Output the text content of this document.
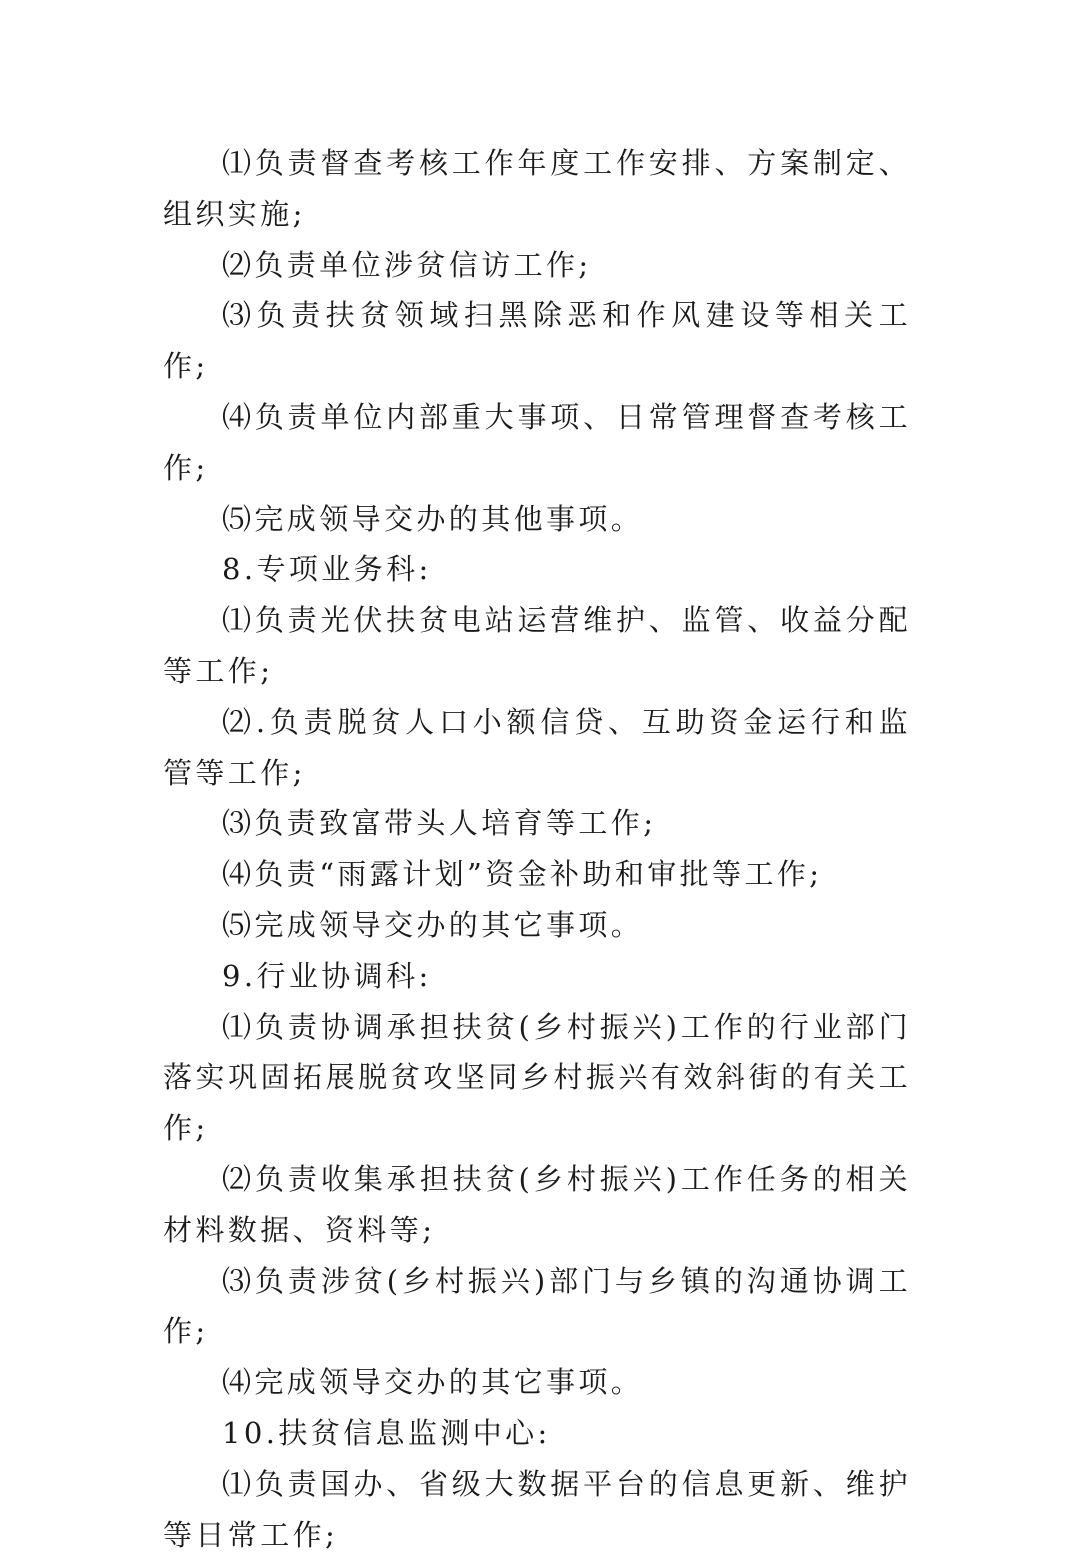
⑴负责督查考核工作年度工作安排、方案制定、组织实施;

⑵负责单位涉贫信访工作;

⑶负责扶贫领域扫黑除恶和作风建设等相关工作;

⑷负责单位内部重大事项、日常管理督查考核工作;

⑸完成领导交办的其他事项。

8.专项业务科:

⑴负责光伏扶贫电站运营维护、监管、收益分配等工作;

⑵.负责脱贫人口小额信贷、互助资金运行和监管等工作;

⑶负责致富带头人培育等工作;

⑷负责“雨露计划”资金补助和审批等工作;

⑸完成领导交办的其它事项。

9.行业协调科:

⑴负责协调承担扶贫(乡村振兴)工作的行业部门落实巩固拓展脱贫攻坚同乡村振兴有效斜街的有关工作;

⑵负责收集承担扶贫(乡村振兴)工作任务的相关材料数据、资料等;

⑶负责涉贫(乡村振兴)部门与乡镇的沟通协调工作;

⑷完成领导交办的其它事项。

10.扶贫信息监测中心:

⑴负责国办、省级大数据平台的信息更新、维护等日常工作;
